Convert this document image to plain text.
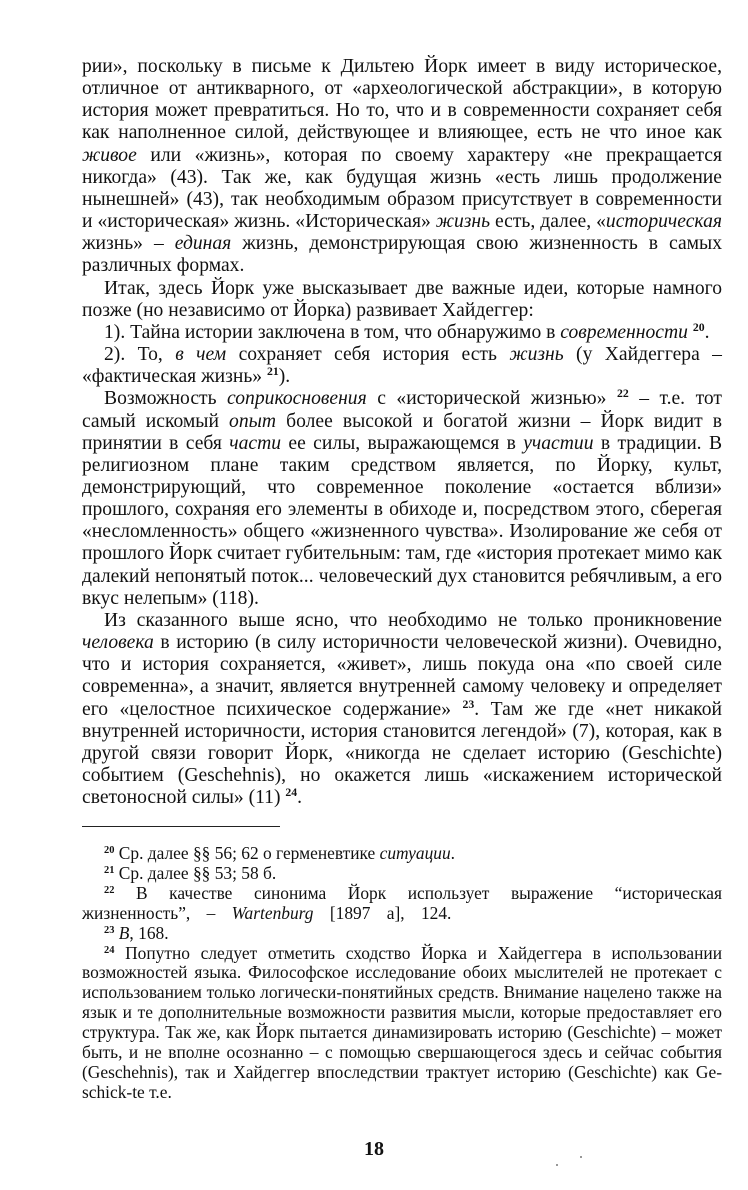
рии», поскольку в письме к Дильтею Йорк имеет в виду историческое, отличное от антикварного, от «археологической абстракции», в которую история может превратиться. Но то, что и в современности сохраняет себя как наполненное силой, действующее и влияющее, есть не что иное как живое или «жизнь», которая по своему характеру «не прекращается никогда» (43). Так же, как будущая жизнь «есть лишь продолжение нынешней» (43), так необходимым образом присутствует в современности и «историческая» жизнь. «Историческая» жизнь есть, далее, «историческая жизнь» – единая жизнь, демонстрирующая свою жизненность в самых различных формах.

Итак, здесь Йорк уже высказывает две важные идеи, которые намного позже (но независимо от Йорка) развивает Хайдеггер:

1). Тайна истории заключена в том, что обнаружимо в современности $^{20}$.

2). То, в чем сохраняет себя история есть жизнь (у Хайдеггера – «фактическая жизнь» $^{21}$).

Возможность соприкосновения с «исторической жизнью» $^{22}$ – т.е. тот самый искомый опыт более высокой и богатой жизни – Йорк видит в принятии в себя части ее силы, выражающемся в участии в традиции. В религиозном плане таким средством является, по Йорку, культ, демонстрирующий, что современное поколение «остается вблизи» прошлого, сохраняя его элементы в обиходе и, посредством этого, сберегая «несломленность» общего «жизненного чувства». Изолирование же себя от прошлого Йорк считает губительным: там, где «история протекает мимо как далекий непонятый поток... человеческий дух становится ребячливым, а его вкус нелепым» (118).

Из сказанного выше ясно, что необходимо не только проникновение человека в историю (в силу историчности человеческой жизни). Очевидно, что и история сохраняется, «живет», лишь покуда она «по своей силе современна», а значит, является внутренней самому человеку и определяет его «целостное психическое содержание» $^{23}$. Там же где «нет никакой внутренней историчности, история становится легендой» (7), которая, как в другой связи говорит Йорк, «никогда не сделает историю (Geschichte) событием (Geschehnis), но окажется лишь «искажением исторической светоносной силы» (11) $^{24}$.

$^{20}$ Ср. далее §§ 56; 62 о герменевтике ситуации.

$^{21}$ Ср. далее §§ 53; 58 б.

$^{22}$ В качестве синонима Йорк использует выражение “историческая жизненность”, – Wartenburg [1897 a], 124.

$^{23}$ B, 168.

$^{24}$ Попутно следует отметить сходство Йорка и Хайдеггера в использовании возможностей языка. Философское исследование обоих мыслителей не протекает с использованием только логически-понятийных средств. Внимание нацелено также на язык и те дополнительные возможности развития мысли, которые предоставляет его структура. Так же, как Йорк пытается динамизировать историю (Geschichte) – может быть, и не вполне осознанно – с помощью свершающегося здесь и сейчас события (Geschehnis), так и Хайдеггер впоследствии трактует историю (Geschichte) как Ge-schick-te т.е.

18
